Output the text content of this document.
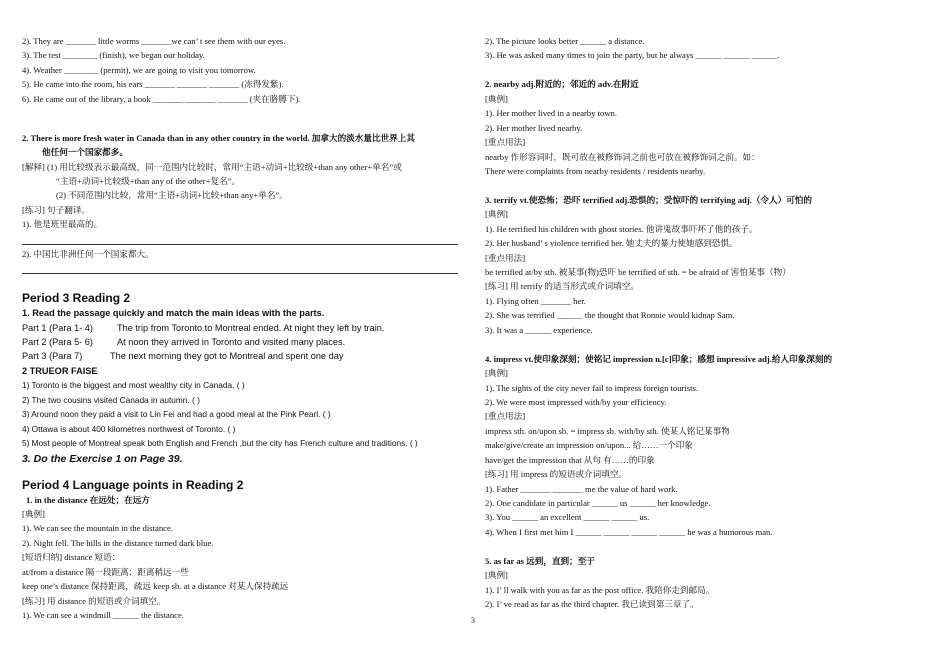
2). They are _______ little worms _______we can’ t see them with our eyes.
3). The test ________ (finish), we began our holiday.
4). Weather ________ (permit), we are going to visit you tomorrow.
5). He came into the room, his ears _______ _______ _______ (冻得发紫).
6). He came out of the library, a book _______ _______ _______ (夹在胳膊下).
2. There is more fresh water in Canada than in any other country in the world. 加拿大的淡水量比世界上其
他任何一个国家都多。
[解释] (1) 用比较级表示最高级，同一范围内比较时，常用“主语+动词+比较级+than any other+单名”或
“主语+动词+比较级+than any of the other+复名”。
(2) 不同范围内比较，常用“主语+动词+比较+than any+单名”。
[练习] 句子翻译。
1). 他是班里最高的。
2). 中国比非洲任何一个国家都大。
Period 3 Reading 2
1. Read the passage quickly and match the main ideas with the parts.
Part 1 (Para 1- 4)	The trip from Toronto to Montreal ended. At night they left by train.
Part 2 (Para 5- 6)	At noon they arrived in Toronto and visited many places.
Part 3 (Para 7)	The next morning they got to Montreal and spent one day
2 TRUEOR FAISE
1) Toronto is the biggest and most wealthy city in Canada. ( )
2) The two cousins visited Canada in autumn. ( )
3) Around noon they paid a visit to Lin Fei and had a good meal at the Pink Pearl. ( )
4) Ottawa is about 400 kilometres northwest of Toronto. ( )
5) Most people of Montreal speak both English and French ,but the city has French culture and traditions. ( )
3. Do the Exercise 1 on Page 39.
Period 4 Language points in Reading 2
1. in the distance 在远处；在远方
[典例]
1). We can see the mountain in the distance.
2). Night fell. The hills in the distance turned dark blue.
[短语归纳] distance 短语：
at/from a distance 隔一段距离；距离稍远一些
keep one’s distance 保持距离，疏远 keep sb. at a distance 对某人保持疏远
[练习] 用 distance 的短语或介词填空。
1). We can see a windmill ______ the distance.
2). The picture looks better ______ a distance.
3). He was asked many times to join the party, but he always ______ ______ ______.
2. nearby adj.附近的；邻近的 adv.在附近
[典例]
1). Her mother lived in a nearby town.
2). Her mother lived nearby.
[重点用法]
nearby 作形容词时，既可放在被修饰词之前也可放在被修饰词之前。如：
There were complaints from nearby residents / residents nearby.
3. terrify vt.使恐怖；恐吓 terrified adj.恐惧的；受惊吓的 terrifying adj.（令人）可怕的
[典例]
1). He terrified his children with ghost stories. 他讲鬼故事吓坏了他的孩子。
2). Her husband’ s violence terrified her. 她丈夫的暴力使她感到恐惧。
[重点用法]
be terrified at/by sth. 被某事(物)恐吓 be terrified of sth. = be afraid of 害怕某事（物）
[练习] 用 terrify 的适当形式或介词填空。
1). Flying often _______ her.
2). She was terrified ______ the thought that Ronnie would kidnap Sam.
3). It was a ______ experience.
4. impress vt.使印象深刻；使铭记 impression n.[c]印象；感想 impressive adj.给人印象深刻的
[典例]
1). The sights of the city never fail to impress foreign tourists.
2). We were most impressed with/by your efficiency.
[重点用法]
impress sth. on/upon sb. = impress sb. with/by sth. 使某人铭记某事物
make/give/create an impression on/upon... 给……一个印象
have/get the impression that 从句 有……的印象
[练习] 用 impress 的短语或介词填空。
1). Father _______ _______ me the value of hard work.
2). One candidate in particular ______ us ______ her knowledge.
3). You ______ an excellent ______ ______ us.
4). When I first met him I ______ ______ ______ ______ he was a humorous man.
5. as far as 远到，直到；至于
[典例]
1). I’ ll walk with you as far as the post office. 我陪你走到邮局。
2). I’ ve read as far as the third chapter. 我已读到第三章了。
3
